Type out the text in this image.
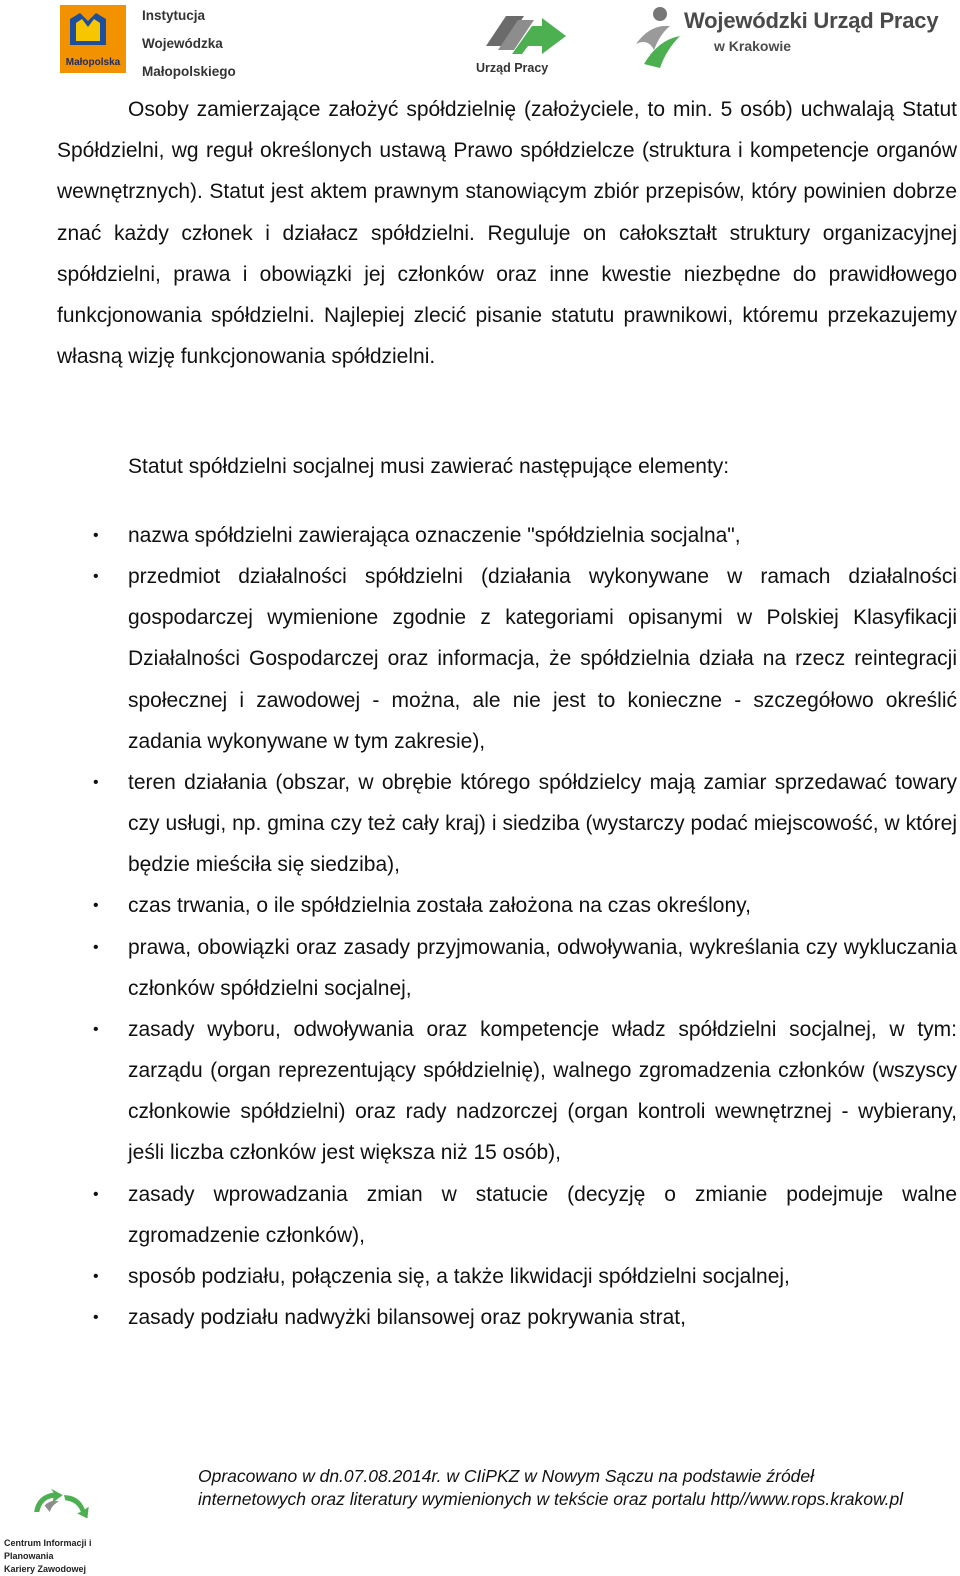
Małopolska
Instytucja
Wojewódzka
Małopolskiego	Urząd Pracy
Wojewódzki Urząd Pracy
w Krakowie

Osoby zamierzające założyć spółdzielnię (założyciele, to min. 5 osób) uchwalają Statut Spółdzielni, wg reguł określonych ustawą Prawo spółdzielcze (struktura i kompetencje organów wewnętrznych). Statut jest aktem prawnym stanowiącym zbiór przepisów, który powinien dobrze znać każdy członek i działacz spółdzielni. Reguluje on całokształt struktury organizacyjnej spółdzielni, prawa i obowiązki jej członków oraz inne kwestie niezbędne do prawidłowego funkcjonowania spółdzielni. Najlepiej zlecić pisanie statutu prawnikowi, któremu przekazujemy własną wizję funkcjonowania spółdzielni.

Statut spółdzielni socjalnej musi zawierać następujące elementy:
• nazwa spółdzielni zawierająca oznaczenie "spółdzielnia socjalna",
• przedmiot działalności spółdzielni (działania wykonywane w ramach działalności gospodarczej wymienione zgodnie z kategoriami opisanymi w Polskiej Klasyfikacji Działalności Gospodarczej oraz informacja, że spółdzielnia działa na rzecz reintegracji społecznej i zawodowej - można, ale nie jest to konieczne - szczegółowo określić zadania wykonywane w tym zakresie),
• teren działania (obszar, w obrębie którego spółdzielcy mają zamiar sprzedawać towary czy usługi, np. gmina czy też cały kraj) i siedziba (wystarczy podać miejscowość, w której będzie mieściła się siedziba),
• czas trwania, o ile spółdzielnia została założona na czas określony,
• prawa, obowiązki oraz zasady przyjmowania, odwoływania, wykreślania czy wykluczania członków spółdzielni socjalnej,
• zasady wyboru, odwoływania oraz kompetencje władz spółdzielni socjalnej, w tym: zarządu (organ reprezentujący spółdzielnię), walnego zgromadzenia członków (wszyscy członkowie spółdzielni) oraz rady nadzorczej (organ kontroli wewnętrznej - wybierany, jeśli liczba członków jest większa niż 15 osób),
• zasady wprowadzania zmian w statucie (decyzję o zmianie podejmuje walne zgromadzenie członków),
• sposób podziału, połączenia się, a także likwidacji spółdzielni socjalnej,
• zasady podziału nadwyżki bilansowej oraz pokrywania strat,
Centrum Informacji i Planowania
Kariery Zawodowej
Opracowano w dn.07.08.2014r. w CIiPKZ w Nowym Sączu na podstawie źródeł internetowych oraz literatury wymienionych w tekście oraz portalu http//www.rops.krakow.pl
